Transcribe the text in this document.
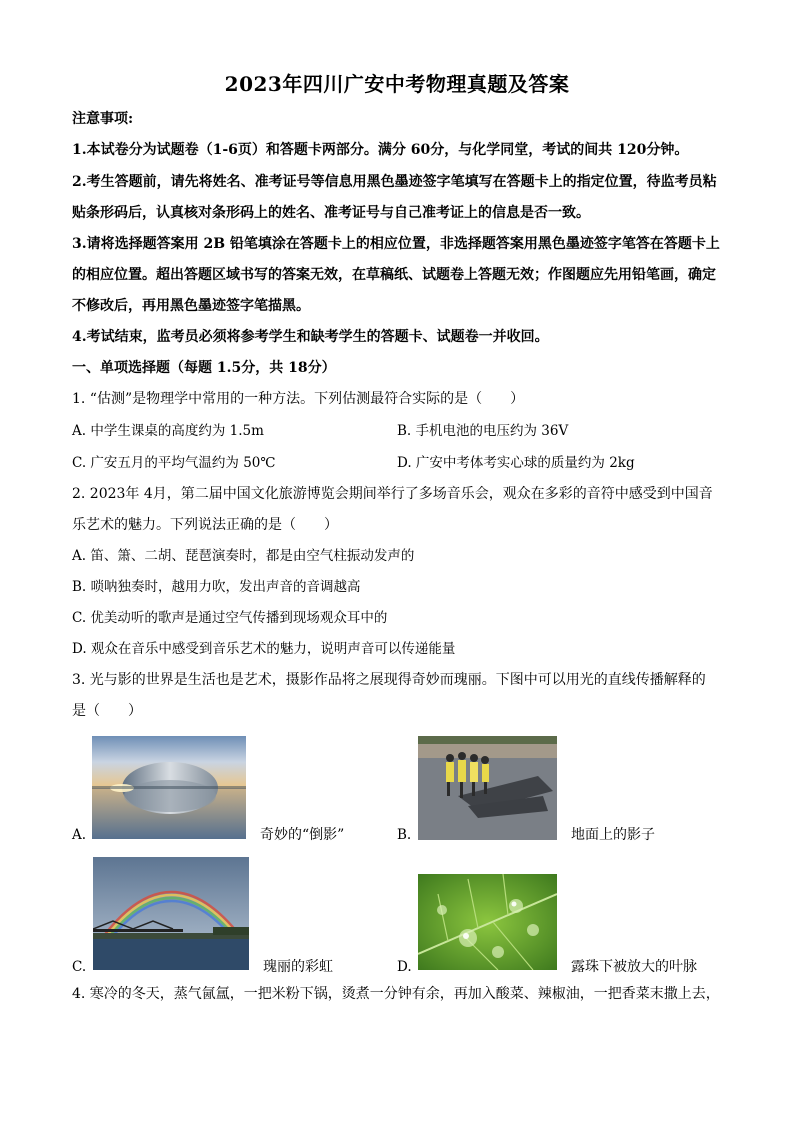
2023年四川广安中考物理真题及答案
注意事项:
1.本试卷分为试题卷（1-6页）和答题卡两部分。满分 60分，与化学同堂，考试的间共 120分钟。
2.考生答题前，请先将姓名、准考证号等信息用黑色墨迹签字笔填写在答题卡上的指定位置，待监考员粘
贴条形码后，认真核对条形码上的姓名、准考证号与自己准考证上的信息是否一致。
3.请将选择题答案用 2B 铅笔填涂在答题卡上的相应位置，非选择题答案用黑色墨迹签字笔答在答题卡上
的相应位置。超出答题区域书写的答案无效，在草稿纸、试题卷上答题无效；作图题应先用铅笔画，确定
不修改后，再用黑色墨迹签字笔描黑。
4.考试结束，监考员必须将参考学生和缺考学生的答题卡、试题卷一并收回。
一、单项选择题（每题 1.5分，共 18分）
1. “估测”是物理学中常用的一种方法。下列估测最符合实际的是（　　）
A. 中学生课桌的高度约为 1.5m	B. 手机电池的电压约为 36V
C. 广安五月的平均气温约为 50℃	D. 广安中考体考实心球的质量约为 2kg
2. 2023年 4月，第二届中国文化旅游博览会期间举行了多场音乐会，观众在多彩的音符中感受到中国音
乐艺术的魅力。下列说法正确的是（　　）
A. 笛、箫、二胡、琵琶演奏时，都是由空气柱振动发声的
B. 唢呐独奏时，越用力吹，发出声音的音调越高
C. 优美动听的歌声是通过空气传播到现场观众耳中的
D. 观众在音乐中感受到音乐艺术的魅力，说明声音可以传递能量
3. 光与影的世界是生活也是艺术，摄影作品将之展现得奇妙而瑰丽。下图中可以用光的直线传播解释的
是（　　）
A.	奇妙的“倒影”	B.	地面上的影子
C.	瑰丽的彩虹	D.	露珠下被放大的叶脉
4. 寒冷的冬天，蒸气氤氲，一把米粉下锅，烫煮一分钟有余，再加入酸菜、辣椒油，一把香菜末撒上去，
